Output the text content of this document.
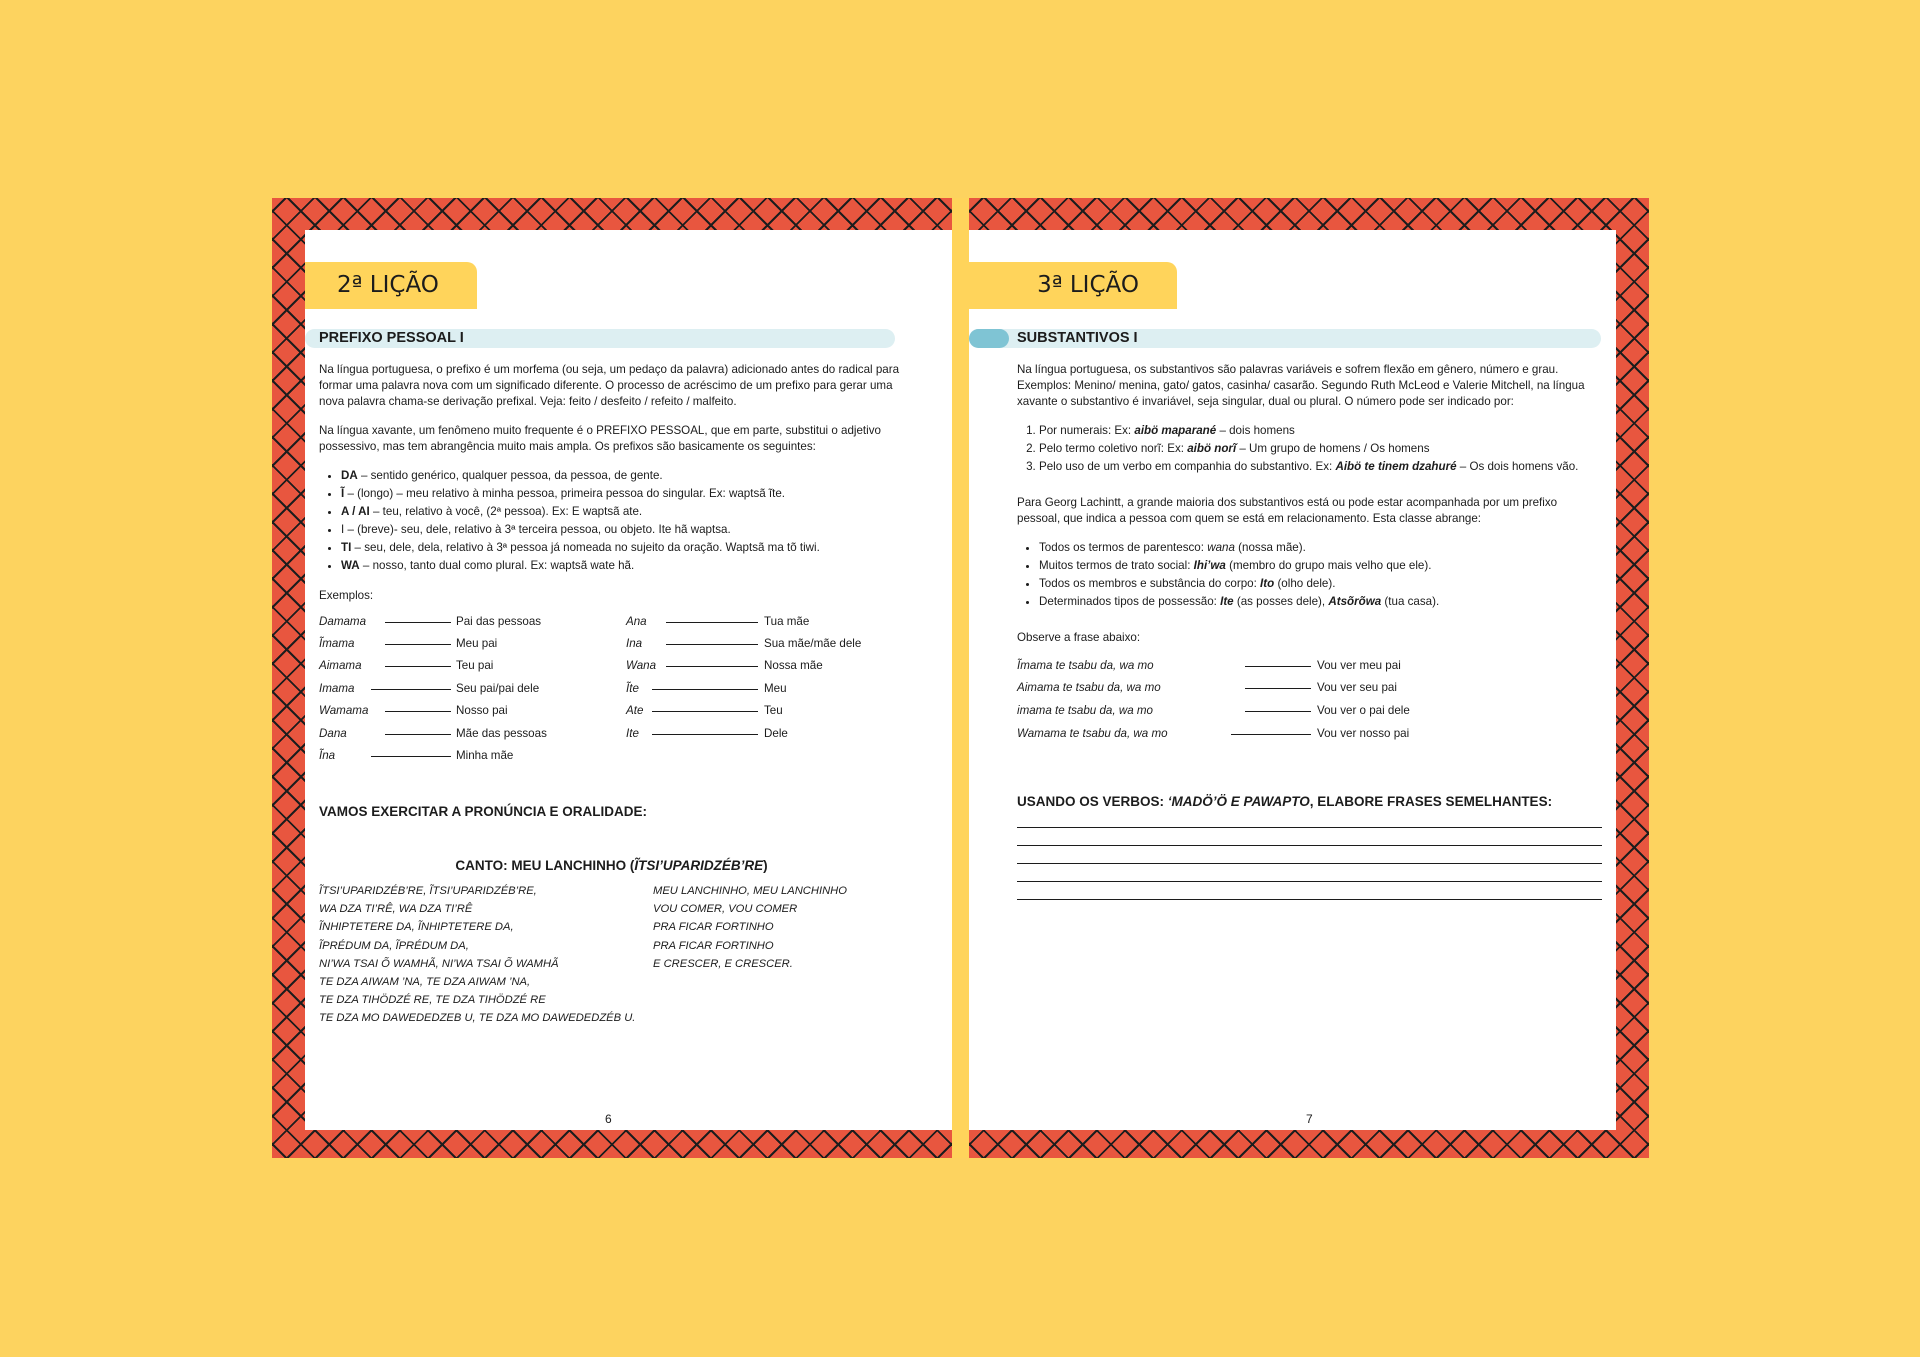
2ª LIÇÃO
PREFIXO PESSOAL I

Na língua portuguesa, o prefixo é um morfema (ou seja, um pedaço da palavra) adicionado antes do radical para formar uma palavra nova com um significado diferente. O processo de acréscimo de um prefixo para gerar uma nova palavra chama-se derivação prefixal. Veja: feito / desfeito / refeito / malfeito.

Na língua xavante, um fenômeno muito frequente é o PREFIXO PESSOAL, que em parte, substitui o adjetivo possessivo, mas tem abrangência muito mais ampla. Os prefixos são basicamente os seguintes:

• DA – sentido genérico, qualquer pessoa, da pessoa, de gente.
• Ĩ – (longo) – meu relativo à minha pessoa, primeira pessoa do singular. Ex: waptsã ĩte.
• A / AI – teu, relativo à você, (2ª pessoa). Ex: E waptsã ate.
• I – (breve)- seu, dele, relativo à 3ª terceira pessoa, ou objeto. Ite hã waptsa.
• TI – seu, dele, dela, relativo à 3ª pessoa já nomeada no sujeito da oração. Waptsã ma tõ tiwi.
• WA – nosso, tanto dual como plural. Ex: waptsã wate hã.
Exemplos:
Damama	Pai das pessoas
Ĩmama	Meu pai
Aimama	Teu pai
Imama	Seu pai/pai dele
Wamama	Nosso pai
Dana	Mãe das pessoas
Ĩna	Minha mãe
Ana	Tua mãe
Ina	Sua mãe/mãe dele
Wana	Nossa mãe
Ĩte	Meu
Ate	Teu
Ite	Dele
VAMOS EXERCITAR A PRONÚNCIA E ORALIDADE:
CANTO: MEU LANCHINHO (ĨTSI’UPARIDZÉB’RE)
ĨTSI’UPARIDZÉB’RE, ĨTSI’UPARIDZÉB’RE,
WA DZA TI’RÊ, WA DZA TI’RÊ
ĨNHIPTETERE DA, ĨNHIPTETERE DA,
ĨPRÉDUM DA, ĨPRÉDUM DA,
NI’WA TSAI Õ WAMHÃ, NI’WA TSAI Õ WAMHÃ
TE DZA AIWAM ’NA, TE DZA AIWAM ’NA,
TE DZA TIHÖDZÉ RE, TE DZA TIHÖDZÉ RE
TE DZA MO DAWEDEDZEB U, TE DZA MO DAWEDEDZÉB U.
MEU LANCHINHO, MEU LANCHINHO
VOU COMER, VOU COMER
PRA FICAR FORTINHO
PRA FICAR FORTINHO
E CRESCER, E CRESCER.
6
3ª LIÇÃO
SUBSTANTIVOS I

Na língua portuguesa, os substantivos são palavras variáveis e sofrem flexão em gênero, número e grau. Exemplos: Menino/ menina, gato/ gatos, casinha/ casarão. Segundo Ruth McLeod e Valerie Mitchell, na língua xavante o substantivo é invariável, seja singular, dual ou plural. O número pode ser indicado por:

1. Por numerais: Ex: aibö maparané – dois homens
2. Pelo termo coletivo norĩ: Ex: aibö norĩ – Um grupo de homens / Os homens
3. Pelo uso de um verbo em companhia do substantivo. Ex: Aibö te tinem dzahuré – Os dois homens vão.

Para Georg Lachintt, a grande maioria dos substantivos está ou pode estar acompanhada por um prefixo pessoal, que indica a pessoa com quem se está em relacionamento. Esta classe abrange:

• Todos os termos de parentesco: wana (nossa mãe).
• Muitos termos de trato social: Ihi’wa (membro do grupo mais velho que ele).
• Todos os membros e substância do corpo: Ito (olho dele).
• Determinados tipos de possessão: Ite (as posses dele), Atsõrõwa (tua casa).

Observe a frase abaixo:

Ĩmama te tsabu da, wa mo	Vou ver meu pai
Aimama te tsabu da, wa mo	Vou ver seu pai
imama te tsabu da, wa mo	Vou ver o pai dele
Wamama te tsabu da, wa mo	Vou ver nosso pai
USANDO OS VERBOS: ‘MADÖ’Ö E PAWAPTO, ELABORE FRASES SEMELHANTES:
7
